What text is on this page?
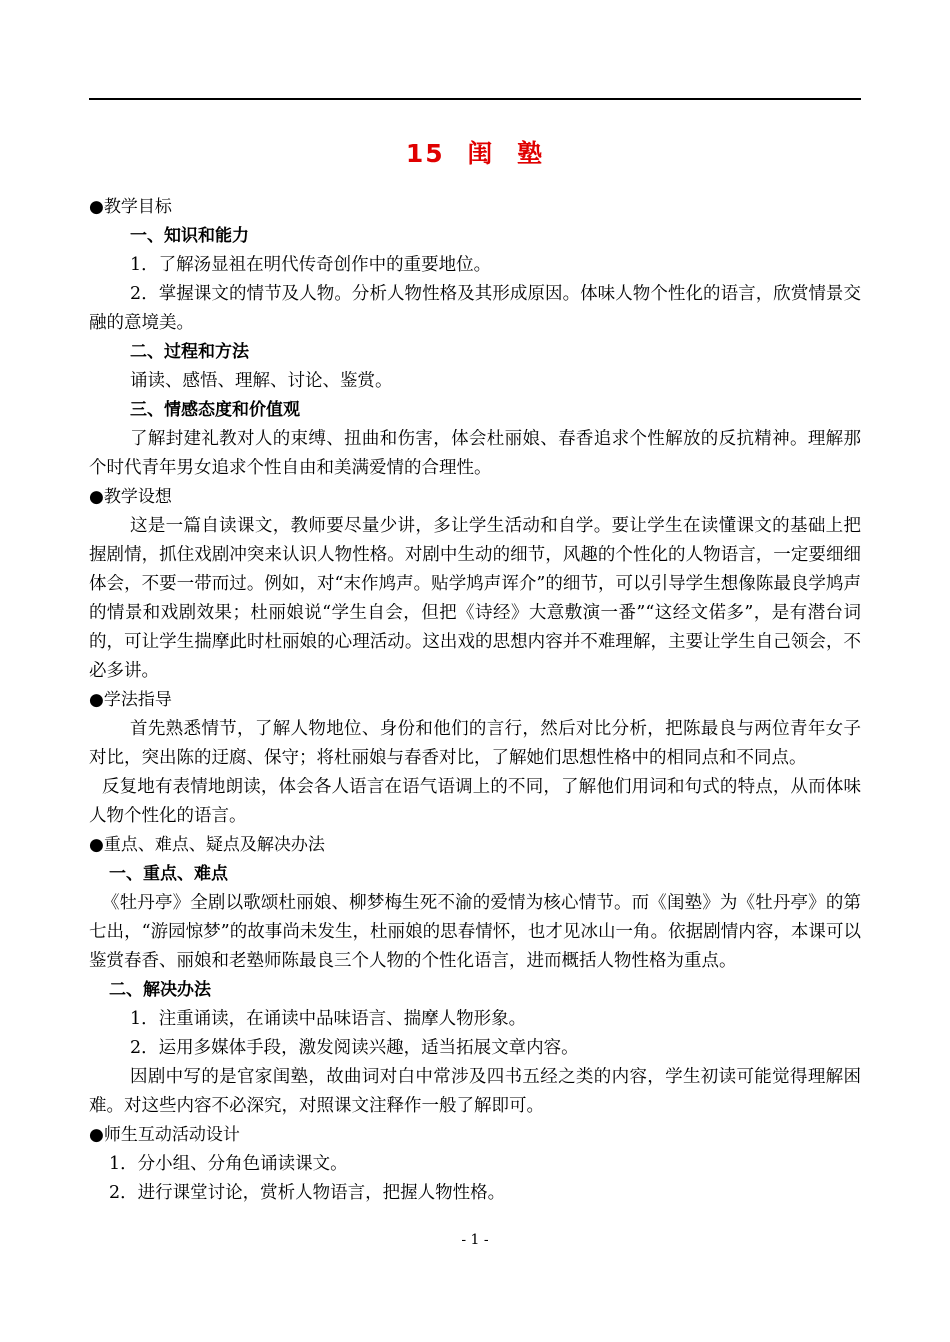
15 闺 塾

●教学目标

一、知识和能力

1．了解汤显祖在明代传奇创作中的重要地位。

2．掌握课文的情节及人物。分析人物性格及其形成原因。体味人物个性化的语言，欣赏情景交融的意境美。

二、过程和方法

诵读、感悟、理解、讨论、鉴赏。

三、情感态度和价值观

了解封建礼教对人的束缚、扭曲和伤害，体会杜丽娘、春香追求个性解放的反抗精神。理解那个时代青年男女追求个性自由和美满爱情的合理性。

●教学设想

这是一篇自读课文，教师要尽量少讲，多让学生活动和自学。要让学生在读懂课文的基础上把握剧情，抓住戏剧冲突来认识人物性格。对剧中生动的细节，风趣的个性化的人物语言，一定要细细体会，不要一带而过。例如，对“末作鸠声。贴学鸠声诨介”的细节，可以引导学生想像陈最良学鸠声的情景和戏剧效果；杜丽娘说“学生自会，但把《诗经》大意敷演一番”“这经文偌多”，是有潜台词的，可让学生揣摩此时杜丽娘的心理活动。这出戏的思想内容并不难理解，主要让学生自己领会，不必多讲。

●学法指导

首先熟悉情节，了解人物地位、身份和他们的言行，然后对比分析，把陈最良与两位青年女子对比，突出陈的迂腐、保守；将杜丽娘与春香对比，了解她们思想性格中的相同点和不同点。

反复地有表情地朗读，体会各人语言在语气语调上的不同，了解他们用词和句式的特点，从而体味人物个性化的语言。

●重点、难点、疑点及解决办法

一、重点、难点

《牡丹亭》全剧以歌颂杜丽娘、柳梦梅生死不渝的爱情为核心情节。而《闺塾》为《牡丹亭》的第七出，“游园惊梦”的故事尚未发生，杜丽娘的思春情怀，也才见冰山一角。依据剧情内容，本课可以鉴赏春香、丽娘和老塾师陈最良三个人物的个性化语言，进而概括人物性格为重点。

二、解决办法

1．注重诵读，在诵读中品味语言、揣摩人物形象。

2．运用多媒体手段，激发阅读兴趣，适当拓展文章内容。

因剧中写的是官家闺塾，故曲词对白中常涉及四书五经之类的内容，学生初读可能觉得理解困难。对这些内容不必深究，对照课文注释作一般了解即可。

●师生互动活动设计

1．分小组、分角色诵读课文。

2．进行课堂讨论，赏析人物语言，把握人物性格。

- 1 -
